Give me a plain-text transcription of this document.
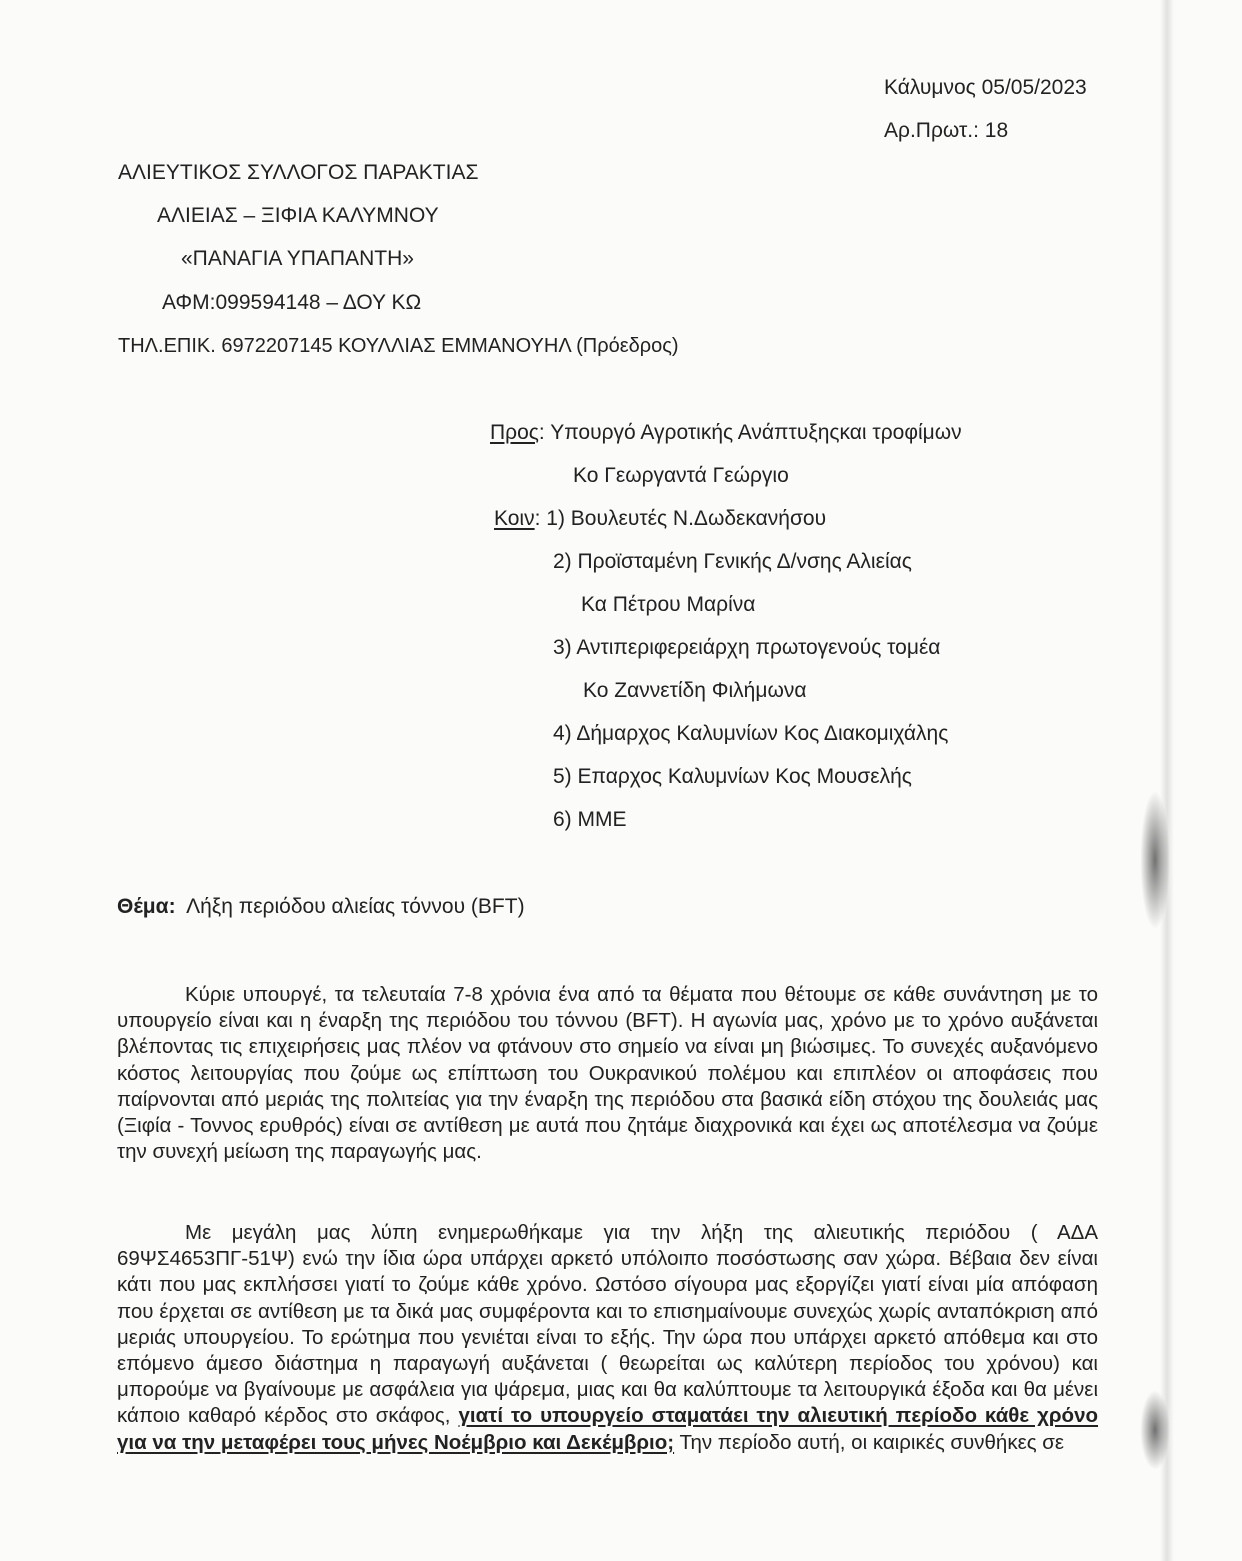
Κάλυμνος 05/05/2023
Αρ.Πρωτ.: 18
ΑΛΙΕΥΤΙΚΟΣ ΣΥΛΛΟΓΟΣ ΠΑΡΑΚΤΙΑΣ
ΑΛΙΕΙΑΣ – ΞΙΦΙΑ ΚΑΛΥΜΝΟΥ
«ΠΑΝΑΓΙΑ ΥΠΑΠΑΝΤΗ»
ΑΦΜ:099594148 – ΔΟΥ ΚΩ
ΤΗΛ.ΕΠΙΚ. 6972207145 ΚΟΥΛΛΙΑΣ ΕΜΜΑΝΟΥΗΛ (Πρόεδρος)
Προς: Υπουργό Αγροτικής Ανάπτυξηςκαι τροφίμων
Κο Γεωργαντά Γεώργιο
Κοιν: 1) Βουλευτές Ν.Δωδεκανήσου
2) Προϊσταμένη Γενικής Δ/νσης Αλιείας
Κα Πέτρου Μαρίνα
3) Αντιπεριφερειάρχη πρωτογενούς τομέα
Κο Ζαννετίδη Φιλήμωνα
4) Δήμαρχος Καλυμνίων Κος Διακομιχάλης
5) Επαρχος Καλυμνίων Κος Μουσελής
6) ΜΜΕ
Θέμα: Λήξη περιόδου αλιείας τόννου (BFT)

Κύριε υπουργέ, τα τελευταία 7-8 χρόνια ένα από τα θέματα που θέτουμε σε κάθε συνάντηση με το υπουργείο είναι και η έναρξη της περιόδου του τόννου (BFT). Η αγωνία μας, χρόνο με το χρόνο αυξάνεται βλέποντας τις επιχειρήσεις μας πλέον να φτάνουν στο σημείο να είναι μη βιώσιμες. Το συνεχές αυξανόμενο κόστος λειτουργίας που ζούμε ως επίπτωση του Ουκρανικού πολέμου και επιπλέον οι αποφάσεις που παίρνονται από μεριάς της πολιτείας για την έναρξη της περιόδου στα βασικά είδη στόχου της δουλειάς μας (Ξιφία - Τοννος ερυθρός) είναι σε αντίθεση με αυτά που ζητάμε διαχρονικά και έχει ως αποτέλεσμα να ζούμε την συνεχή μείωση της παραγωγής μας.

Με μεγάλη μας λύπη ενημερωθήκαμε για την λήξη της αλιευτικής περιόδου ( ΑΔΑ 69ΨΣ4653ΠΓ-51Ψ) ενώ την ίδια ώρα υπάρχει αρκετό υπόλοιπο ποσόστωσης σαν χώρα. Βέβαια δεν είναι κάτι που μας εκπλήσσει γιατί το ζούμε κάθε χρόνο. Ωστόσο σίγουρα μας εξοργίζει γιατί είναι μία απόφαση που έρχεται σε αντίθεση με τα δικά μας συμφέροντα και το επισημαίνουμε συνεχώς χωρίς ανταπόκριση από μεριάς υπουργείου. Το ερώτημα που γενιέται είναι το εξής. Την ώρα που υπάρχει αρκετό απόθεμα και στο επόμενο άμεσο διάστημα η παραγωγή αυξάνεται ( θεωρείται ως καλύτερη περίοδος του χρόνου) και μπορούμε να βγαίνουμε με ασφάλεια για ψάρεμα, μιας και θα καλύπτουμε τα λειτουργικά έξοδα και θα μένει κάποιο καθαρό κέρδος στο σκάφος, γιατί το υπουργείο σταματάει την αλιευτική περίοδο κάθε χρόνο για να την μεταφέρει τους μήνες Νοέμβριο και Δεκέμβριο; Την περίοδο αυτή, οι καιρικές συνθήκες σε
